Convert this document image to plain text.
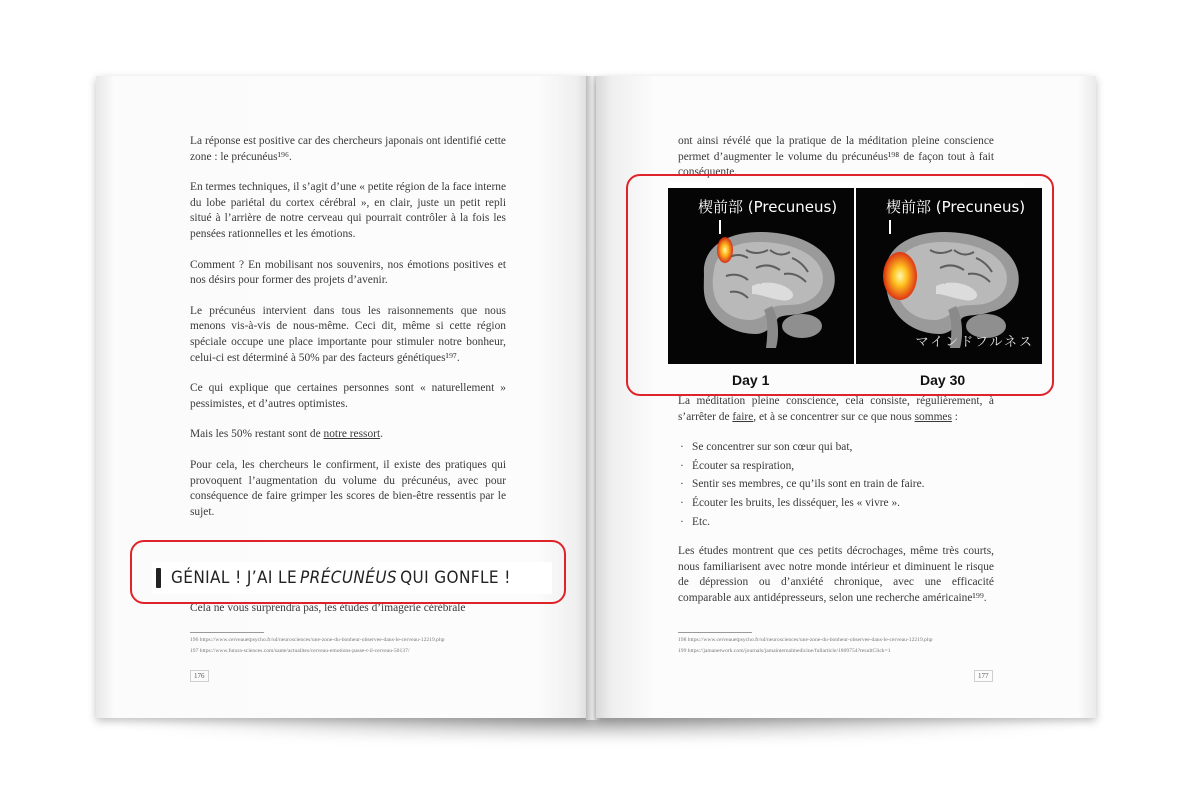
La réponse est positive car des chercheurs japonais ont identifié cette zone : le précunéus¹⁹⁶.

En termes techniques, il s’agit d’une « petite région de la face interne du lobe pariétal du cortex cérébral », en clair, juste un petit repli situé à l’arrière de notre cerveau qui pourrait contrôler à la fois les pensées rationnelles et les émotions.

Comment ? En mobilisant nos souvenirs, nos émotions positives et nos désirs pour former des projets d’avenir.

Le précunéus intervient dans tous les raisonnements que nous menons vis-à-vis de nous-même. Ceci dit, même si cette région spéciale occupe une place importante pour stimuler notre bonheur, celui-ci est déterminé à 50% par des facteurs génétiques¹⁹⁷.

Ce qui explique que certaines personnes sont « naturellement » pessimistes, et d’autres optimistes.

Mais les 50% restant sont de notre ressort.

Pour cela, les chercheurs le confirment, il existe des pratiques qui provoquent l’augmentation du volume du précunéus, avec pour conséquence de faire grimper les scores de bien-être ressentis par le sujet.

GÉNIAL ! J’AI LE PRÉCUNÉUS QUI GONFLE !

Cela ne vous surprendra pas, les études d’imagerie cérébrale

196 https://www.cerveauetpsycho.fr/sd/neurosciences/une-zone-du-bonheur-observee-dans-le-cerveau-12219.php
197 https://www.futura-sciences.com/sante/actualites/cerveau-emotions-passe-t-il-cerveau-50137/
176

ont ainsi révélé que la pratique de la méditation pleine conscience permet d’augmenter le volume du précunéus¹⁹⁸ de façon tout à fait conséquente.

楔前部 (Precuneus)	楔前部 (Precuneus)
マインドフルネス
Day 1	Day 30

La méditation pleine conscience, cela consiste, régulièrement, à s’arrêter de faire, et à se concentrer sur ce que nous sommes :

· Se concentrer sur son cœur qui bat,
· Écouter sa respiration,
· Sentir ses membres, ce qu’ils sont en train de faire.
· Écouter les bruits, les disséquer, les « vivre ».
· Etc.

Les études montrent que ces petits décrochages, même très courts, nous familiarisent avec notre monde intérieur et diminuent le risque de dépression ou d’anxiété chronique, avec une efficacité comparable aux antidépresseurs, selon une recherche américaine¹⁹⁹.

198 https://www.cerveauetpsycho.fr/sd/neurosciences/une-zone-du-bonheur-observee-dans-le-cerveau-12219.php
199 https://jamanetwork.com/journals/jamainternalmedicine/fullarticle/1809754?resultClick=1
177
